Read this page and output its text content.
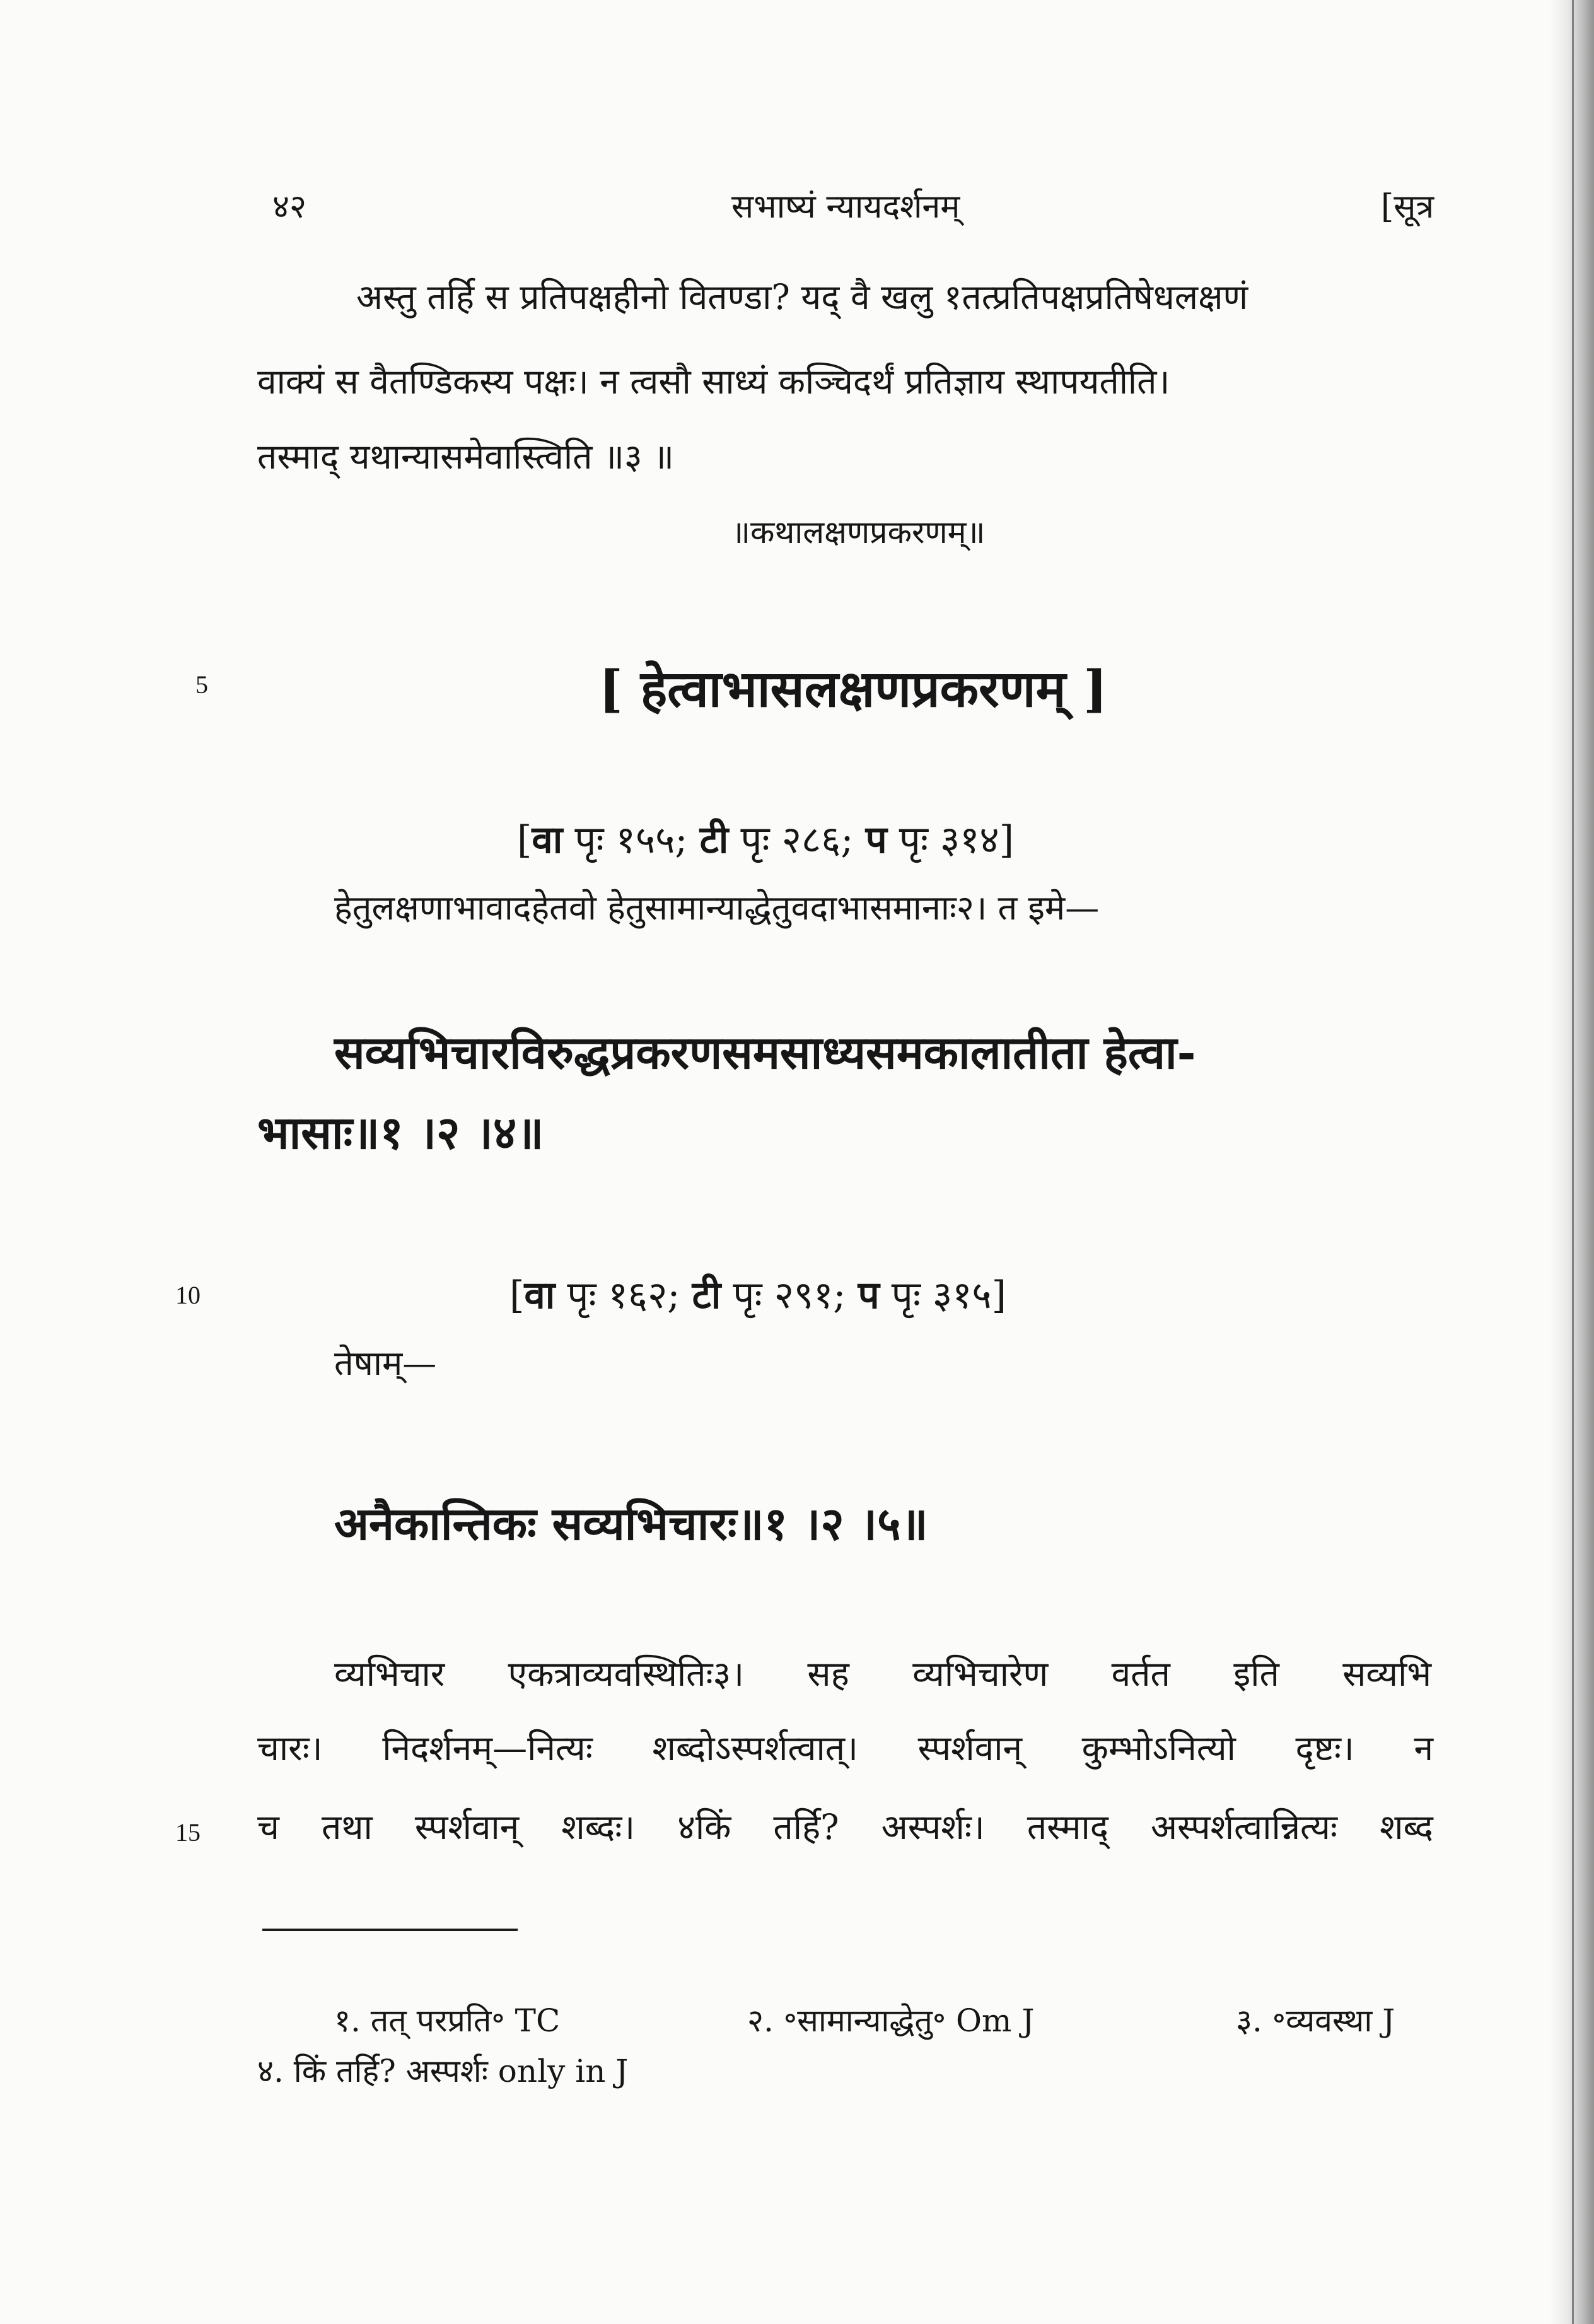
४२	सभाष्यं न्यायदर्शनम्	[सूत्र
अस्तु तर्हि स प्रतिपक्षहीनो वितण्डा? यद् वै खलु १तत्प्रतिपक्षप्रतिषेधलक्षणं
वाक्यं स वैतण्डिकस्य पक्षः। न त्वसौ साध्यं कञ्चिदर्थं प्रतिज्ञाय स्थापयतीति।
तस्माद् यथान्यासमेवास्त्विति ॥३ ॥
॥कथालक्षणप्रकरणम्॥
5	[ हेत्वाभासलक्षणप्रकरणम् ]
[वा पृः १५५; टी पृः २८६; प पृः ३१४]
हेतुलक्षणाभावादहेतवो हेतुसामान्याद्धेतुवदाभासमानाः२। त इमे—
सव्यभिचारविरुद्धप्रकरणसमसाध्यसमकालातीता हेत्वा-
भासाः॥१ ।२ ।४॥
10	[वा पृः १६२; टी पृः २९१; प पृः ३१५]
तेषाम्—
अनैकान्तिकः सव्यभिचारः॥१ ।२ ।५॥
व्यभिचार एकत्राव्यवस्थितिः३। सह व्यभिचारेण वर्तत इति सव्यभि
चारः। निदर्शनम्—नित्यः शब्दोऽस्पर्शत्वात्। स्पर्शवान् कुम्भोऽनित्यो दृष्टः। न
15 च तथा स्पर्शवान् शब्दः। ४किं तर्हि? अस्पर्शः। तस्माद् अस्पर्शत्वान्नित्यः शब्द
१. तत् परप्रति॰ TC	२. ॰सामान्याद्धेतु॰ Om J	३. ॰व्यवस्था J
४. किं तर्हि? अस्पर्शः only in J
